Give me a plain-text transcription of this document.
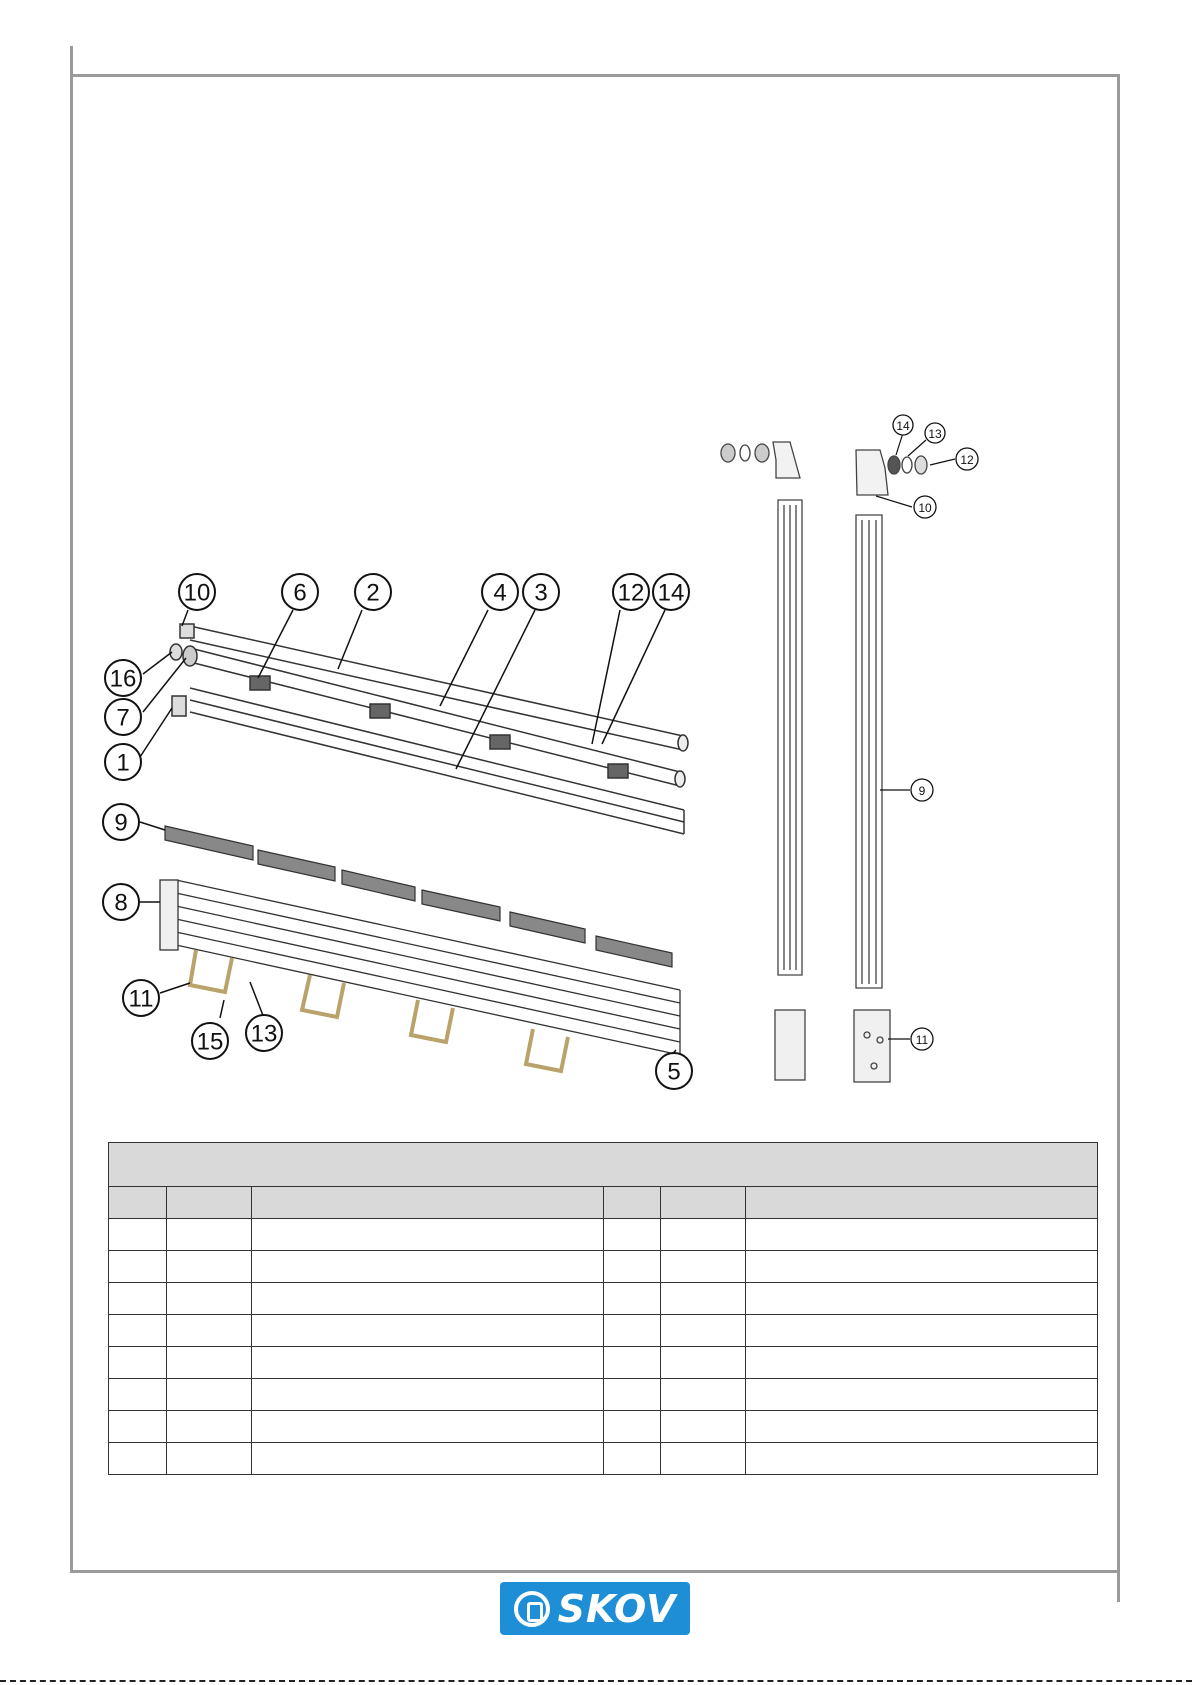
10	6 2	4 3	12 14
16
7
1
9
8
11
15 13
5
14
13
12
10
9
11

SKOV
